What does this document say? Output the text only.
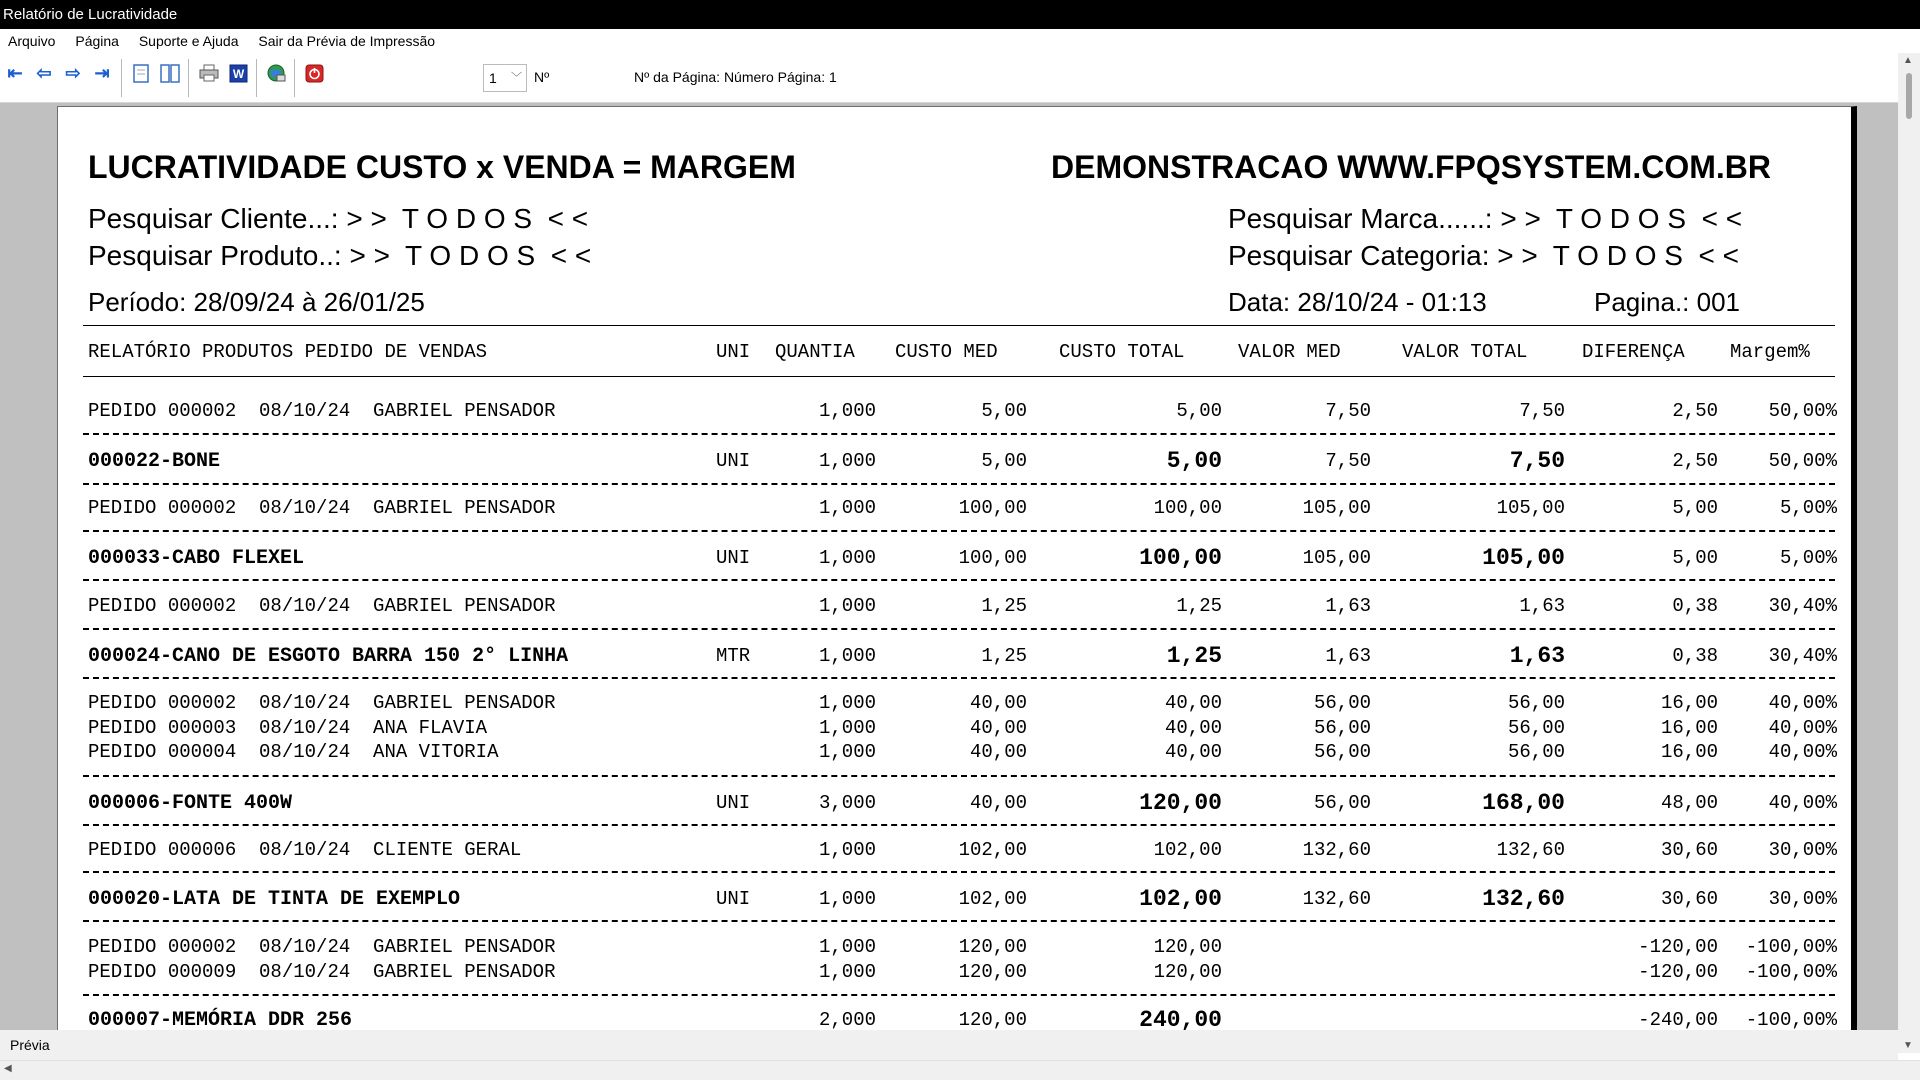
Relatório de Lucratividade
Arquivo Página Suporte e Ajuda Sair da Prévia de Impressão
⇤ ⇦ ⇨ ⇥	W	1 ﹀ Nº	Nº da Página: Número Página: 1
LUCRATIVIDADE CUSTO x VENDA = MARGEM	DEMONSTRACAO WWW.FPQSYSTEM.COM.BR
Pesquisar Cliente...: > >  T O D O S  < <
Pesquisar Produto..: > >  T O D O S  < <
Pesquisar Marca......: > >  T O D O S  < <
Pesquisar Categoria: > >  T O D O S  < <
Período: 28/09/24 à 26/01/25	Data: 28/10/24 - 01:13	Pagina.: 001
RELATÓRIO PRODUTOS PEDIDO DE VENDAS	UNI QUANTIA CUSTO MED	CUSTO TOTAL	VALOR MED	VALOR TOTAL	DIFERENÇA Margem%
PEDIDO 000002  08/10/24  GABRIEL PENSADOR	1,000	5,00	5,00	7,50	7,50	2,50	50,00%
000022-BONE	UNI	1,000	5,00	5,00	7,50	7,50	2,50	50,00%
PEDIDO 000002  08/10/24  GABRIEL PENSADOR	1,000	100,00	100,00	105,00	105,00	5,00	5,00%
000033-CABO FLEXEL	UNI	1,000	100,00	100,00	105,00	105,00	5,00	5,00%
PEDIDO 000002  08/10/24  GABRIEL PENSADOR	1,000	1,25	1,25	1,63	1,63	0,38	30,40%
000024-CANO DE ESGOTO BARRA 150 2° LINHA	MTR	1,000	1,25	1,25	1,63	1,63	0,38	30,40%
PEDIDO 000002  08/10/24  GABRIEL PENSADOR	1,000	40,00	40,00	56,00	56,00	16,00	40,00%
PEDIDO 000003  08/10/24  ANA FLAVIA	1,000	40,00	40,00	56,00	56,00	16,00	40,00%
PEDIDO 000004  08/10/24  ANA VITORIA	1,000	40,00	40,00	56,00	56,00	16,00	40,00%
000006-FONTE 400W	UNI	3,000	40,00	120,00	56,00	168,00	48,00	40,00%
PEDIDO 000006  08/10/24  CLIENTE GERAL	1,000	102,00	102,00	132,60	132,60	30,60	30,00%
000020-LATA DE TINTA DE EXEMPLO	UNI	1,000	102,00	102,00	132,60	132,60	30,60	30,00%
PEDIDO 000002  08/10/24  GABRIEL PENSADOR	1,000	120,00	120,00	-120,00 -100,00%
PEDIDO 000009  08/10/24  GABRIEL PENSADOR	1,000	120,00	120,00	-120,00 -100,00%
000007-MEMÓRIA DDR 256	2,000	120,00	240,00	-240,00 -100,00%
▲
▼
Prévia
◀
